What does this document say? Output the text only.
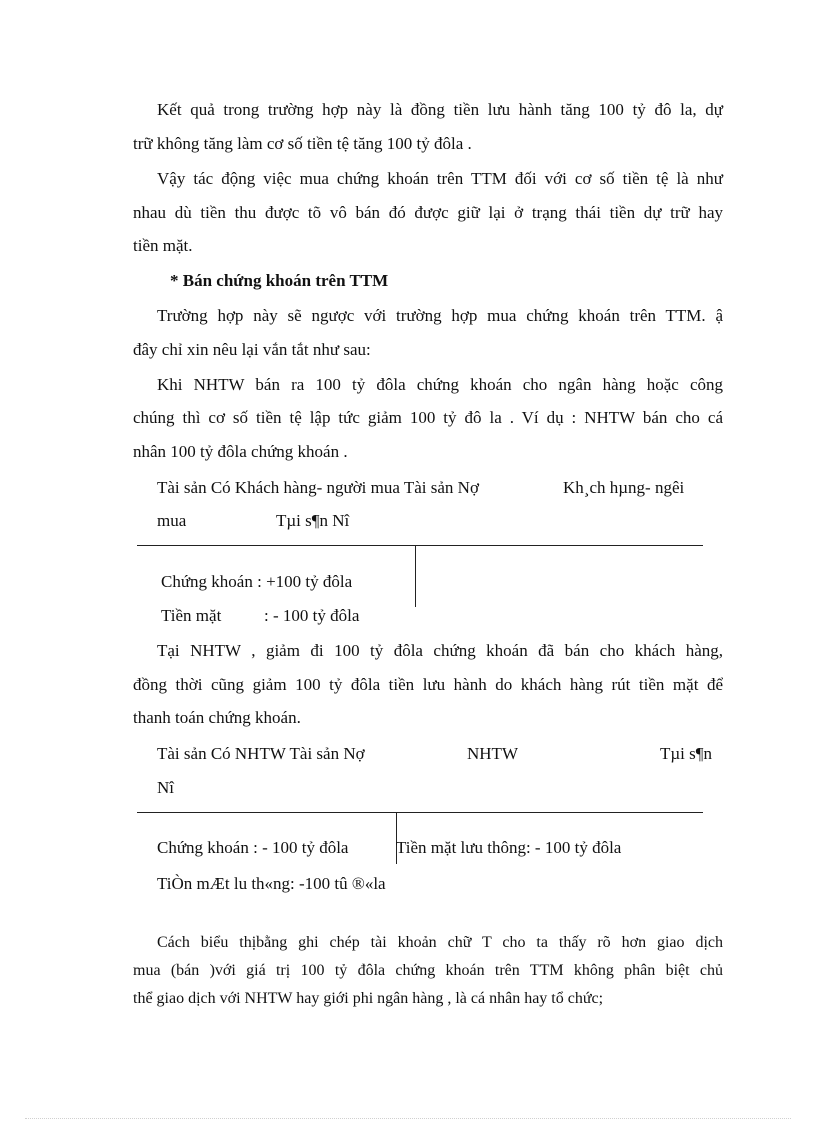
Kết quả trong trường hợp này là đồng tiền lưu hành tăng 100 tỷ đô la, dự
trữ không tăng làm cơ số tiền tệ tăng 100 tỷ đôla .
Vậy tác động việc mua chứng khoán trên TTM đối với cơ số tiền tệ là như
nhau dù tiền thu được tõ vô bán đó được giữ lại ở trạng thái tiền dự trữ hay
tiền mặt.
* Bán chứng khoán trên TTM
Trường hợp này sẽ ngược với trường hợp mua chứng khoán trên TTM. ậ
đây chỉ xin nêu lại vắn tắt như sau:
Khi NHTW bán ra 100 tỷ đôla chứng khoán cho ngân hàng hoặc công
chúng thì cơ số tiền tệ lập tức giảm 100 tỷ đô la . Ví dụ : NHTW bán cho cá
nhân 100 tỷ đôla chứng khoán .
Tài sản Có Khách hàng- người mua Tài sản Nợ	Kh¸ch hµng- ngêi
mua	Tµi s¶n Nî
Chứng khoán : +100 tỷ đôla
Tiền mặt	: - 100 tỷ đôla
Tại NHTW , giảm đi 100 tỷ đôla chứng khoán đã bán cho khách hàng,
đồng thời cũng giảm 100 tỷ đôla tiền lưu hành do khách hàng rút tiền mặt để
thanh toán chứng khoán.
Tài sản Có NHTW Tài sản Nợ	NHTW	Tµi s¶n
Nî
Chứng khoán : - 100 tỷ đôla	Tiền mặt lưu thông: - 100 tỷ đôla
TiÒn mÆt lu th«ng: -100 tû ®«la
Cách biểu thịbằng ghi chép tài khoản chữ T cho ta thấy rõ hơn giao dịch
mua (bán )với giá trị 100 tỷ đôla chứng khoán trên TTM không phân biệt chủ
thể giao dịch với NHTW hay giới phi ngân hàng , là cá nhân hay tổ chức;
